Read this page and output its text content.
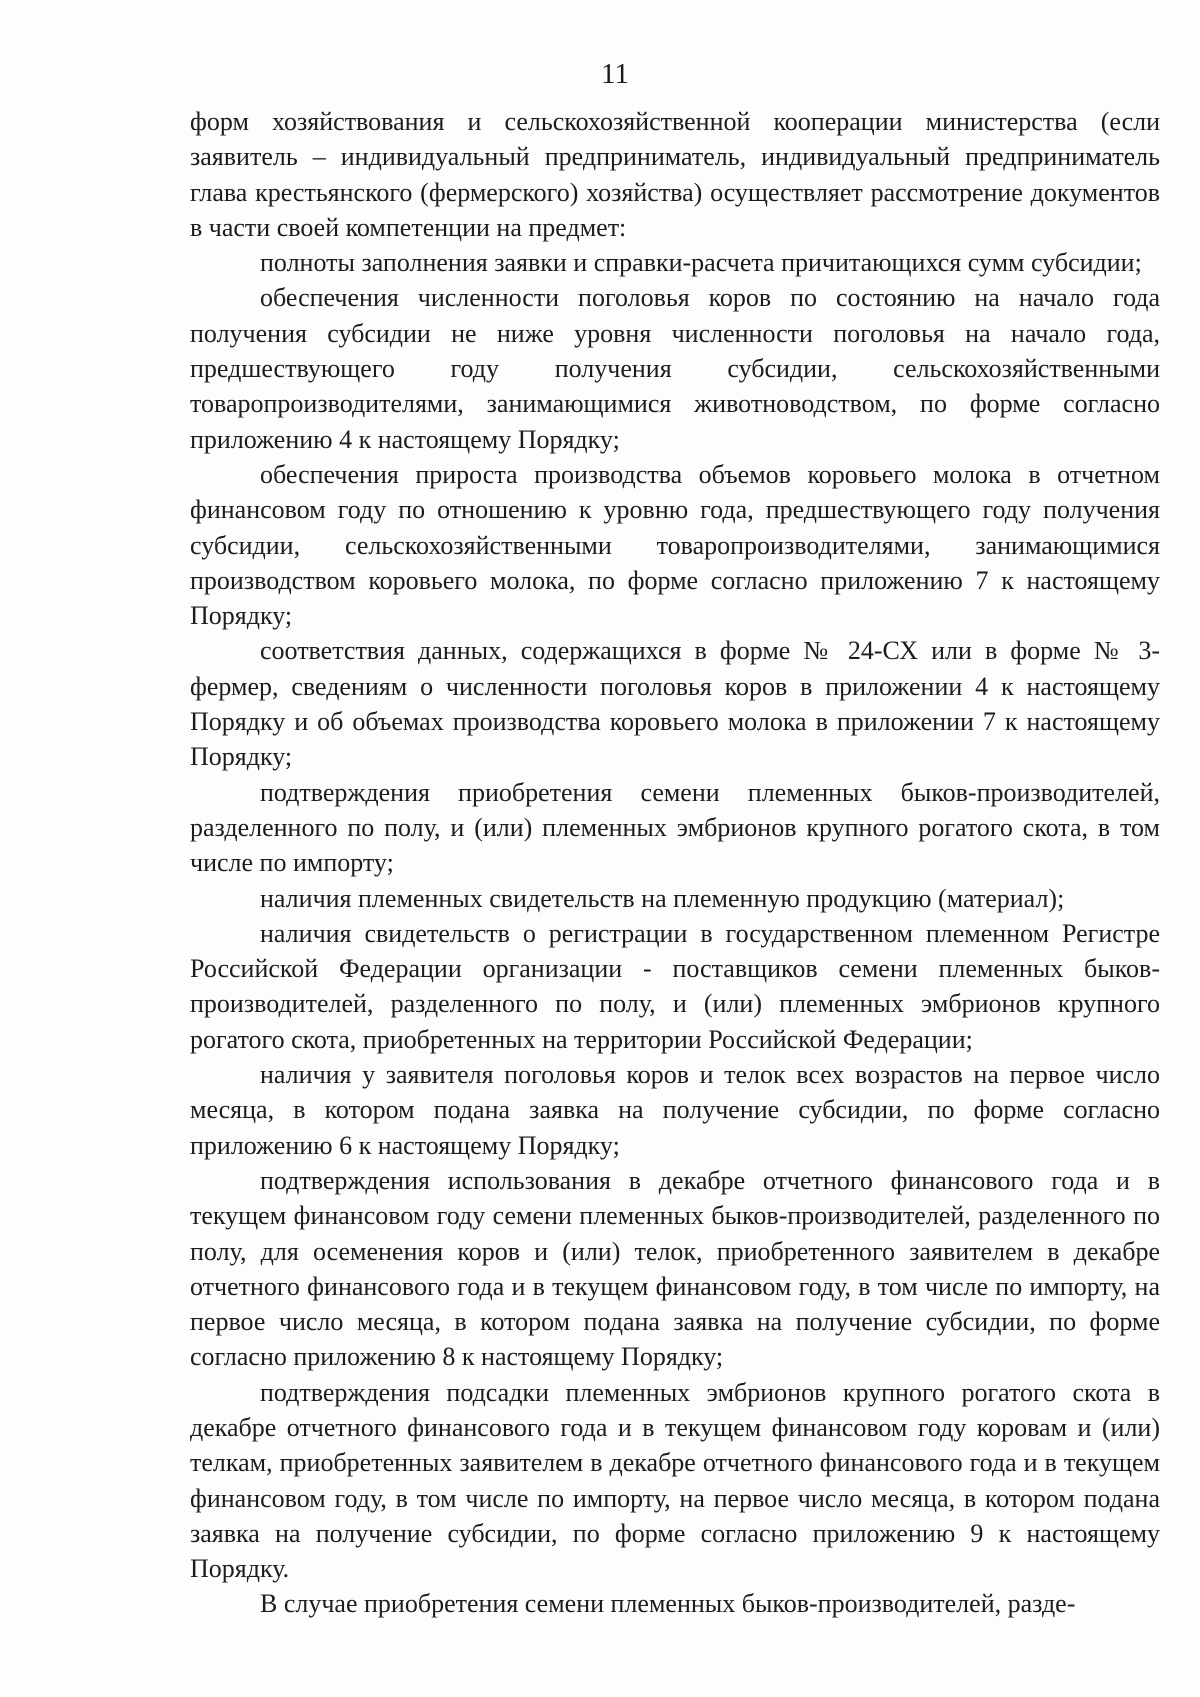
11

форм хозяйствования и сельскохозяйственной кооперации министерства (если заявитель – индивидуальный предприниматель, индивидуальный предприниматель глава крестьянского (фермерского) хозяйства) осуществляет рассмотрение документов в части своей компетенции на предмет:

полноты заполнения заявки и справки-расчета причитающихся сумм субсидии;

обеспечения численности поголовья коров по состоянию на начало года получения субсидии не ниже уровня численности поголовья на начало года, предшествующего году получения субсидии, сельскохозяйственными товаропроизводителями, занимающимися животноводством, по форме согласно приложению 4 к настоящему Порядку;

обеспечения прироста производства объемов коровьего молока в отчетном финансовом году по отношению к уровню года, предшествующего году получения субсидии, сельскохозяйственными товаропроизводителями, занимающимися производством коровьего молока, по форме согласно приложению 7 к настоящему Порядку;

соответствия данных, содержащихся в форме № 24-СХ или в форме № 3-фермер, сведениям о численности поголовья коров в приложении 4 к настоящему Порядку и об объемах производства коровьего молока в приложении 7 к настоящему Порядку;

подтверждения приобретения семени племенных быков-производителей, разделенного по полу, и (или) племенных эмбрионов крупного рогатого скота, в том числе по импорту;

наличия племенных свидетельств на племенную продукцию (материал);

наличия свидетельств о регистрации в государственном племенном Регистре Российской Федерации организации - поставщиков семени племенных быков-производителей, разделенного по полу, и (или) племенных эмбрионов крупного рогатого скота, приобретенных на территории Российской Федерации;

наличия у заявителя поголовья коров и телок всех возрастов на первое число месяца, в котором подана заявка на получение субсидии, по форме согласно приложению 6 к настоящему Порядку;

подтверждения использования в декабре отчетного финансового года и в текущем финансовом году семени племенных быков-производителей, разделенного по полу, для осеменения коров и (или) телок, приобретенного заявителем в декабре отчетного финансового года и в текущем финансовом году, в том числе по импорту, на первое число месяца, в котором подана заявка на получение субсидии, по форме согласно приложению 8 к настоящему Порядку;

подтверждения подсадки племенных эмбрионов крупного рогатого скота в декабре отчетного финансового года и в текущем финансовом году коровам и (или) телкам, приобретенных заявителем в декабре отчетного финансового года и в текущем финансовом году, в том числе по импорту, на первое число месяца, в котором подана заявка на получение субсидии, по форме согласно приложению 9 к настоящему Порядку.

В случае приобретения семени племенных быков-производителей, разде-
